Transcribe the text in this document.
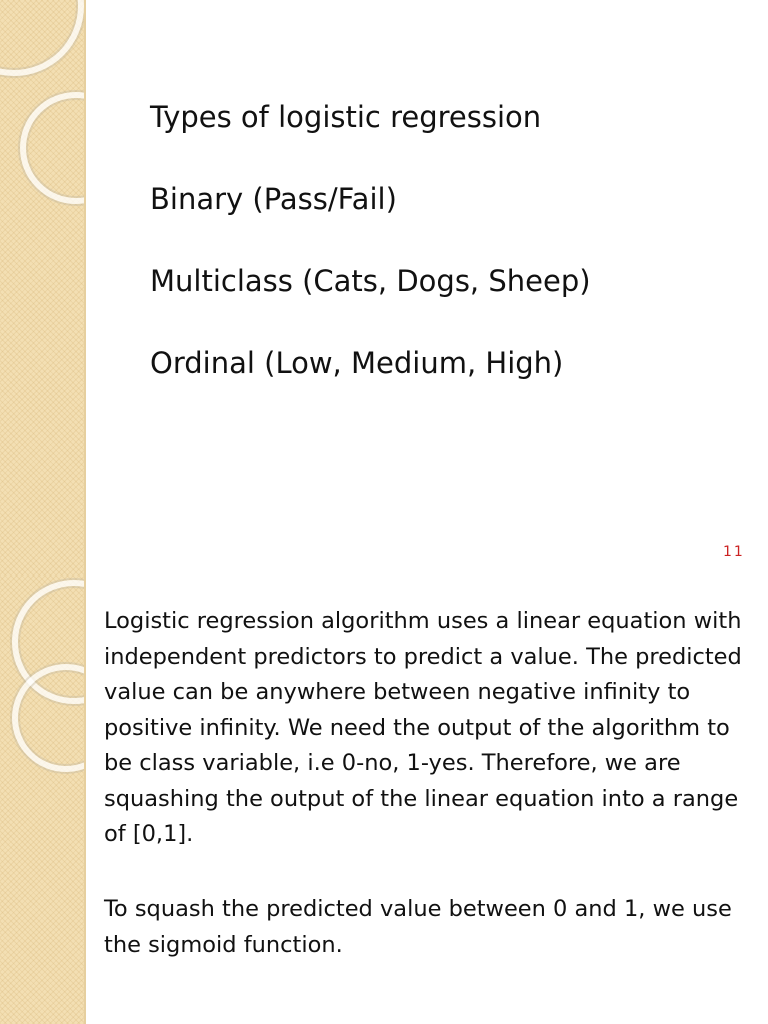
Types of logistic regression
Binary (Pass/Fail)
Multiclass (Cats, Dogs, Sheep)
Ordinal (Low, Medium, High)
11

Logistic regression algorithm uses a linear equation with independent predictors to predict a value. The predicted value can be anywhere between negative infinity to positive infinity. We need the output of the algorithm to be class variable, i.e 0-no, 1-yes. Therefore, we are squashing the output of the linear equation into a range of [0,1].

To squash the predicted value between 0 and 1, we use the sigmoid function.
